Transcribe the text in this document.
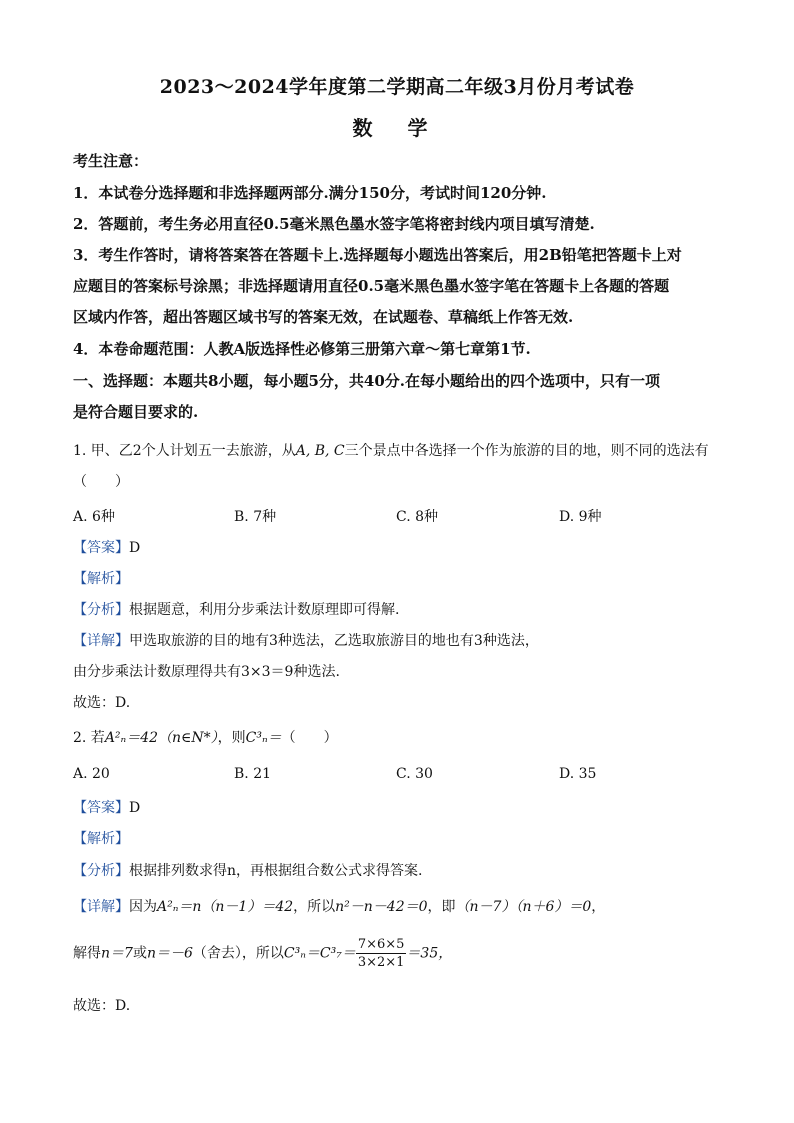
2023～2024学年度第二学期高二年级3月份月考试卷
数 学
考生注意：
1．本试卷分选择题和非选择题两部分.满分150分，考试时间120分钟.
2．答题前，考生务必用直径0.5毫米黑色墨水签字笔将密封线内项目填写清楚.
3．考生作答时，请将答案答在答题卡上.选择题每小题选出答案后，用2B铅笔把答题卡上对
应题目的答案标号涂黑；非选择题请用直径0.5毫米黑色墨水签字笔在答题卡上各题的答题
区域内作答，超出答题区域书写的答案无效，在试题卷、草稿纸上作答无效.
4．本卷命题范围：人教A版选择性必修第三册第六章～第七章第1节.
一、选择题：本题共8小题，每小题5分，共40分.在每小题给出的四个选项中，只有一项
是符合题目要求的.
1. 甲、乙2个人计划五一去旅游，从A, B, C三个景点中各选择一个作为旅游的目的地，则不同的选法有
（　　）
A. 6种	B. 7种	C. 8种	D. 9种
【答案】D
【解析】
【分析】根据题意，利用分步乘法计数原理即可得解.
【详解】甲选取旅游的目的地有3种选法，乙选取旅游目的地也有3种选法，
由分步乘法计数原理得共有3×3＝9种选法.
故选：D.
2. 若A²ₙ＝42（n∈N*），则C³ₙ＝（　　）
A. 20	B. 21	C. 30	D. 35
【答案】D
【解析】
【分析】根据排列数求得n，再根据组合数公式求得答案.
【详解】因为A²ₙ＝n（n－1）＝42，所以n²－n－42＝0，即（n－7）（n＋6）＝0，
解得n＝7或n＝－6（舍去），所以$C^3_n=C^3_7= \frac{7\times 6\times 5}{3\times 2\times 1} =35$，
故选：D.
